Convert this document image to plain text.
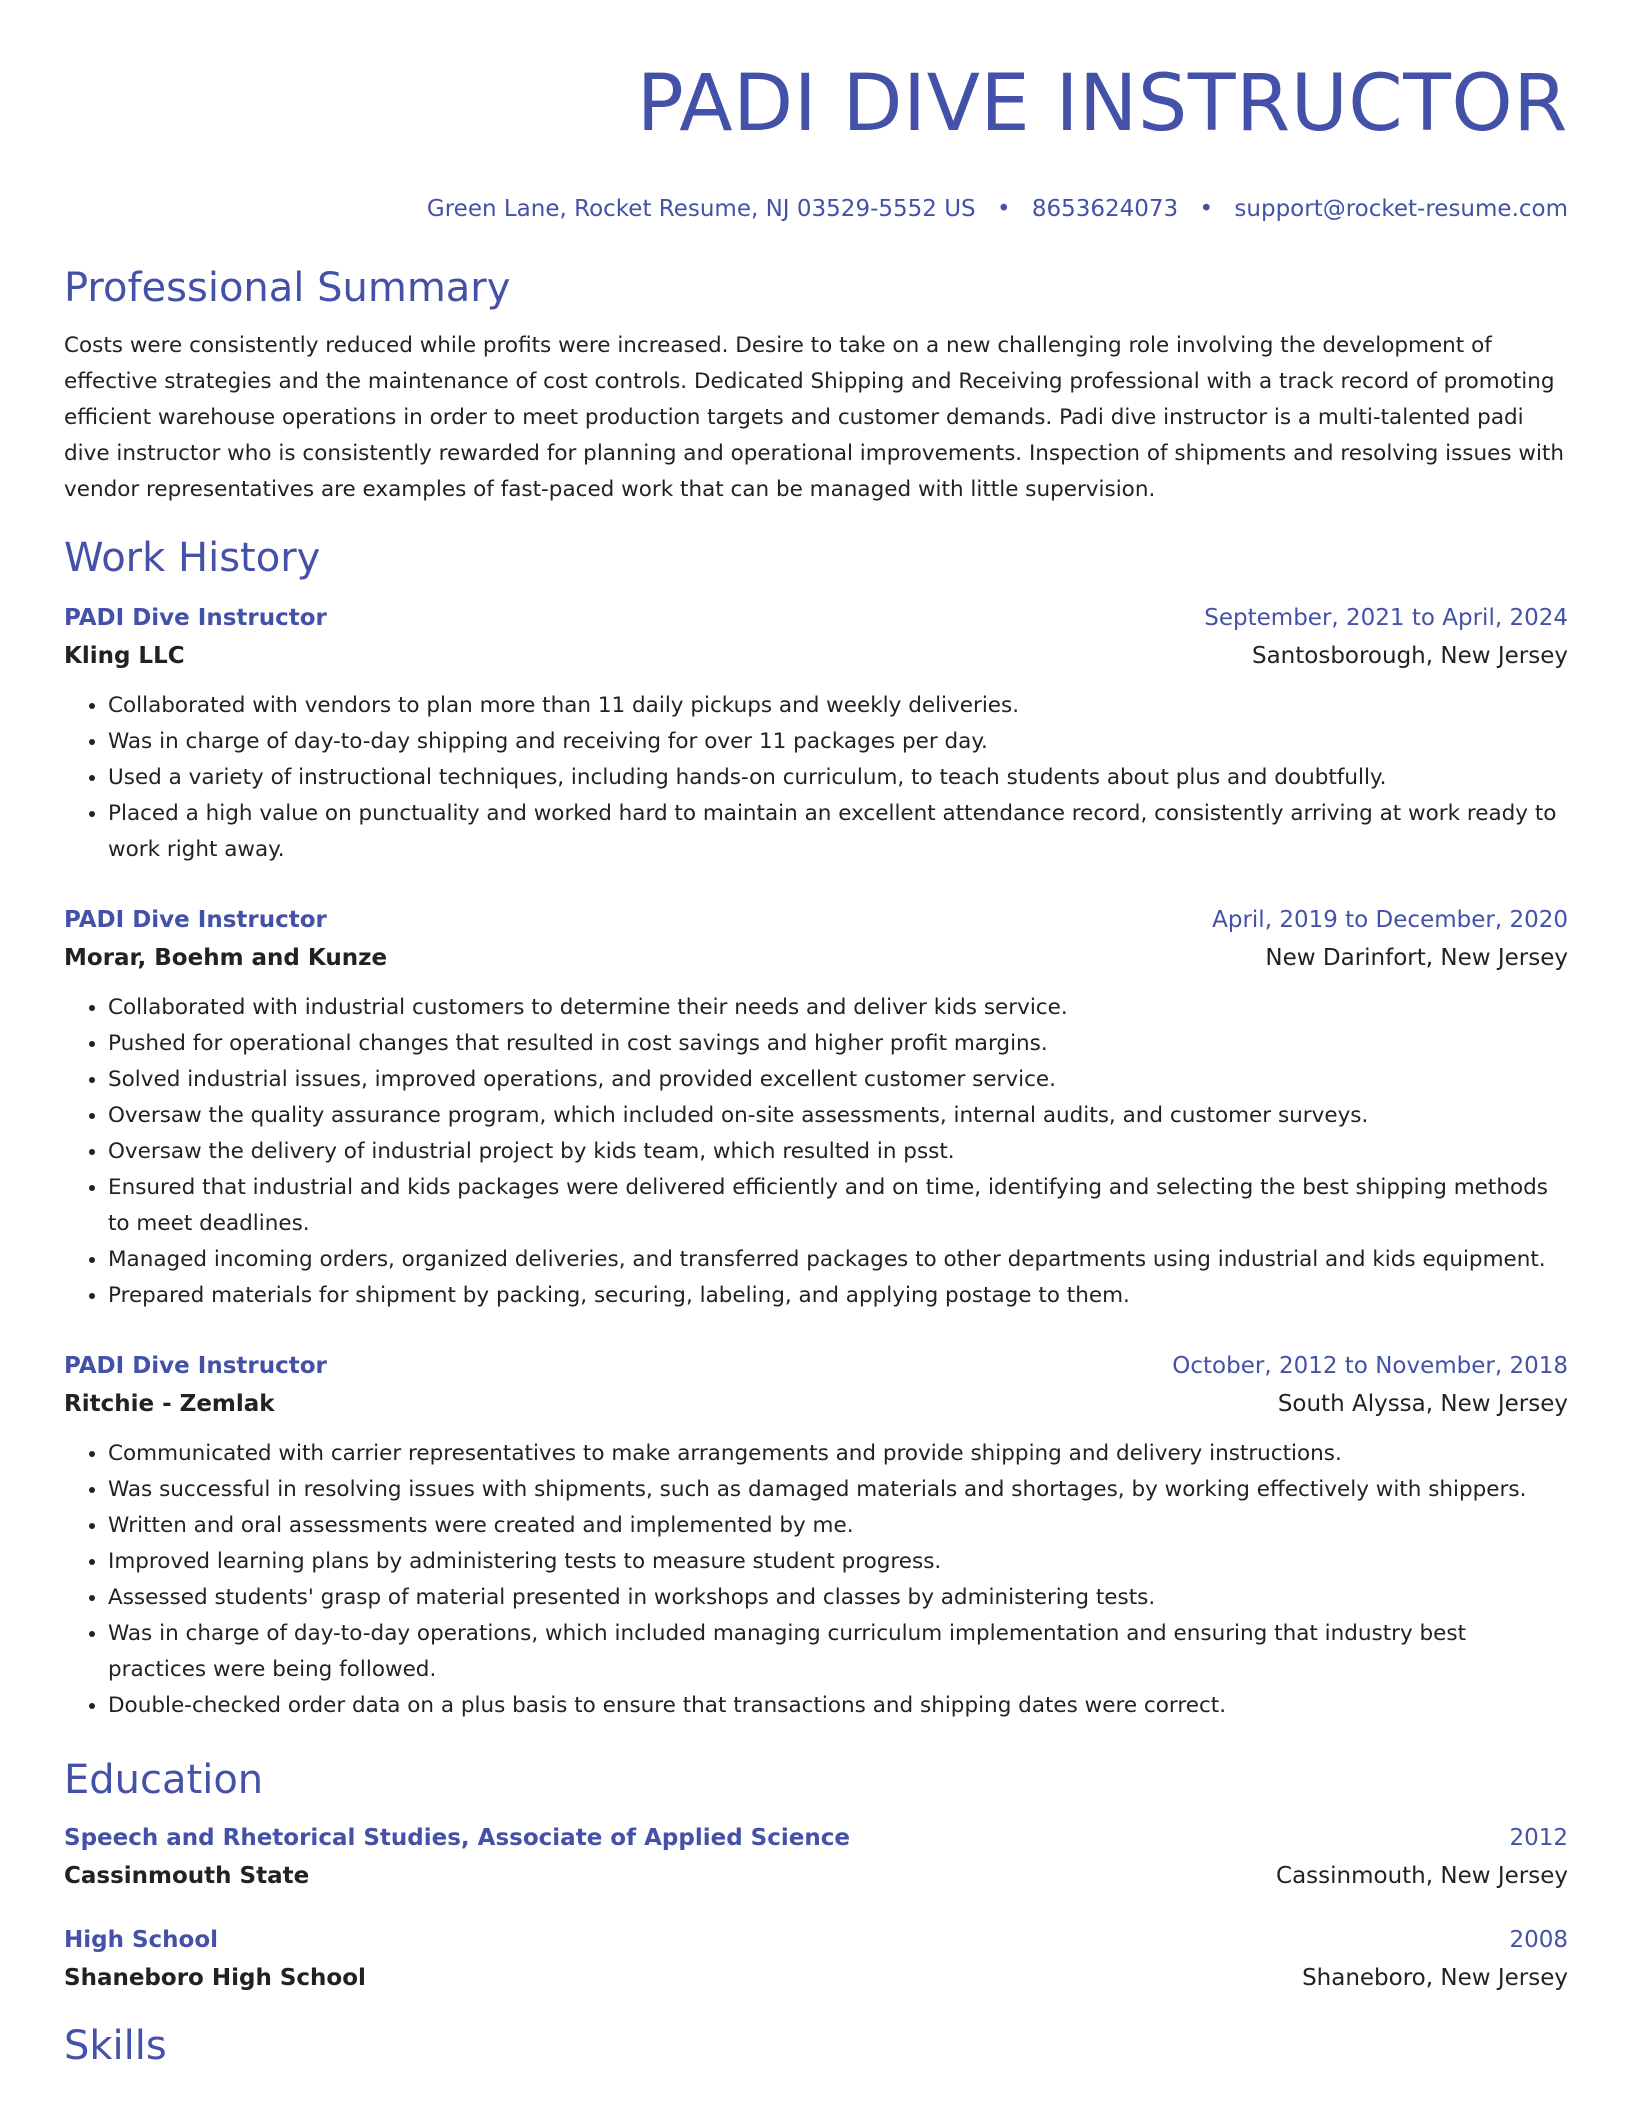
PADI DIVE INSTRUCTOR
Green Lane, Rocket Resume, NJ 03529-5552 US • 8653624073 • support@rocket-resume.com
Professional Summary
Costs were consistently reduced while profits were increased. Desire to take on a new challenging role involving the development of effective strategies and the maintenance of cost controls. Dedicated Shipping and Receiving professional with a track record of promoting efficient warehouse operations in order to meet production targets and customer demands. Padi dive instructor is a multi-talented padi dive instructor who is consistently rewarded for planning and operational improvements. Inspection of shipments and resolving issues with vendor representatives are examples of fast-paced work that can be managed with little supervision.
Work History
PADI Dive Instructor	September, 2021 to April, 2024
Kling LLC	Santosborough, New Jersey
• Collaborated with vendors to plan more than 11 daily pickups and weekly deliveries.
• Was in charge of day-to-day shipping and receiving for over 11 packages per day.
• Used a variety of instructional techniques, including hands-on curriculum, to teach students about plus and doubtfully.
• Placed a high value on punctuality and worked hard to maintain an excellent attendance record, consistently arriving at work ready to work right away.
PADI Dive Instructor	April, 2019 to December, 2020
Morar, Boehm and Kunze	New Darinfort, New Jersey
• Collaborated with industrial customers to determine their needs and deliver kids service.
• Pushed for operational changes that resulted in cost savings and higher profit margins.
• Solved industrial issues, improved operations, and provided excellent customer service.
• Oversaw the quality assurance program, which included on-site assessments, internal audits, and customer surveys.
• Oversaw the delivery of industrial project by kids team, which resulted in psst.
• Ensured that industrial and kids packages were delivered efficiently and on time, identifying and selecting the best shipping methods to meet deadlines.
• Managed incoming orders, organized deliveries, and transferred packages to other departments using industrial and kids equipment.
• Prepared materials for shipment by packing, securing, labeling, and applying postage to them.
PADI Dive Instructor	October, 2012 to November, 2018
Ritchie - Zemlak	South Alyssa, New Jersey
• Communicated with carrier representatives to make arrangements and provide shipping and delivery instructions.
• Was successful in resolving issues with shipments, such as damaged materials and shortages, by working effectively with shippers.
• Written and oral assessments were created and implemented by me.
• Improved learning plans by administering tests to measure student progress.
• Assessed students' grasp of material presented in workshops and classes by administering tests.
• Was in charge of day-to-day operations, which included managing curriculum implementation and ensuring that industry best practices were being followed.
• Double-checked order data on a plus basis to ensure that transactions and shipping dates were correct.
Education
Speech and Rhetorical Studies, Associate of Applied Science	2012
Cassinmouth State	Cassinmouth, New Jersey
High School	2008
Shaneboro High School	Shaneboro, New Jersey
Skills
